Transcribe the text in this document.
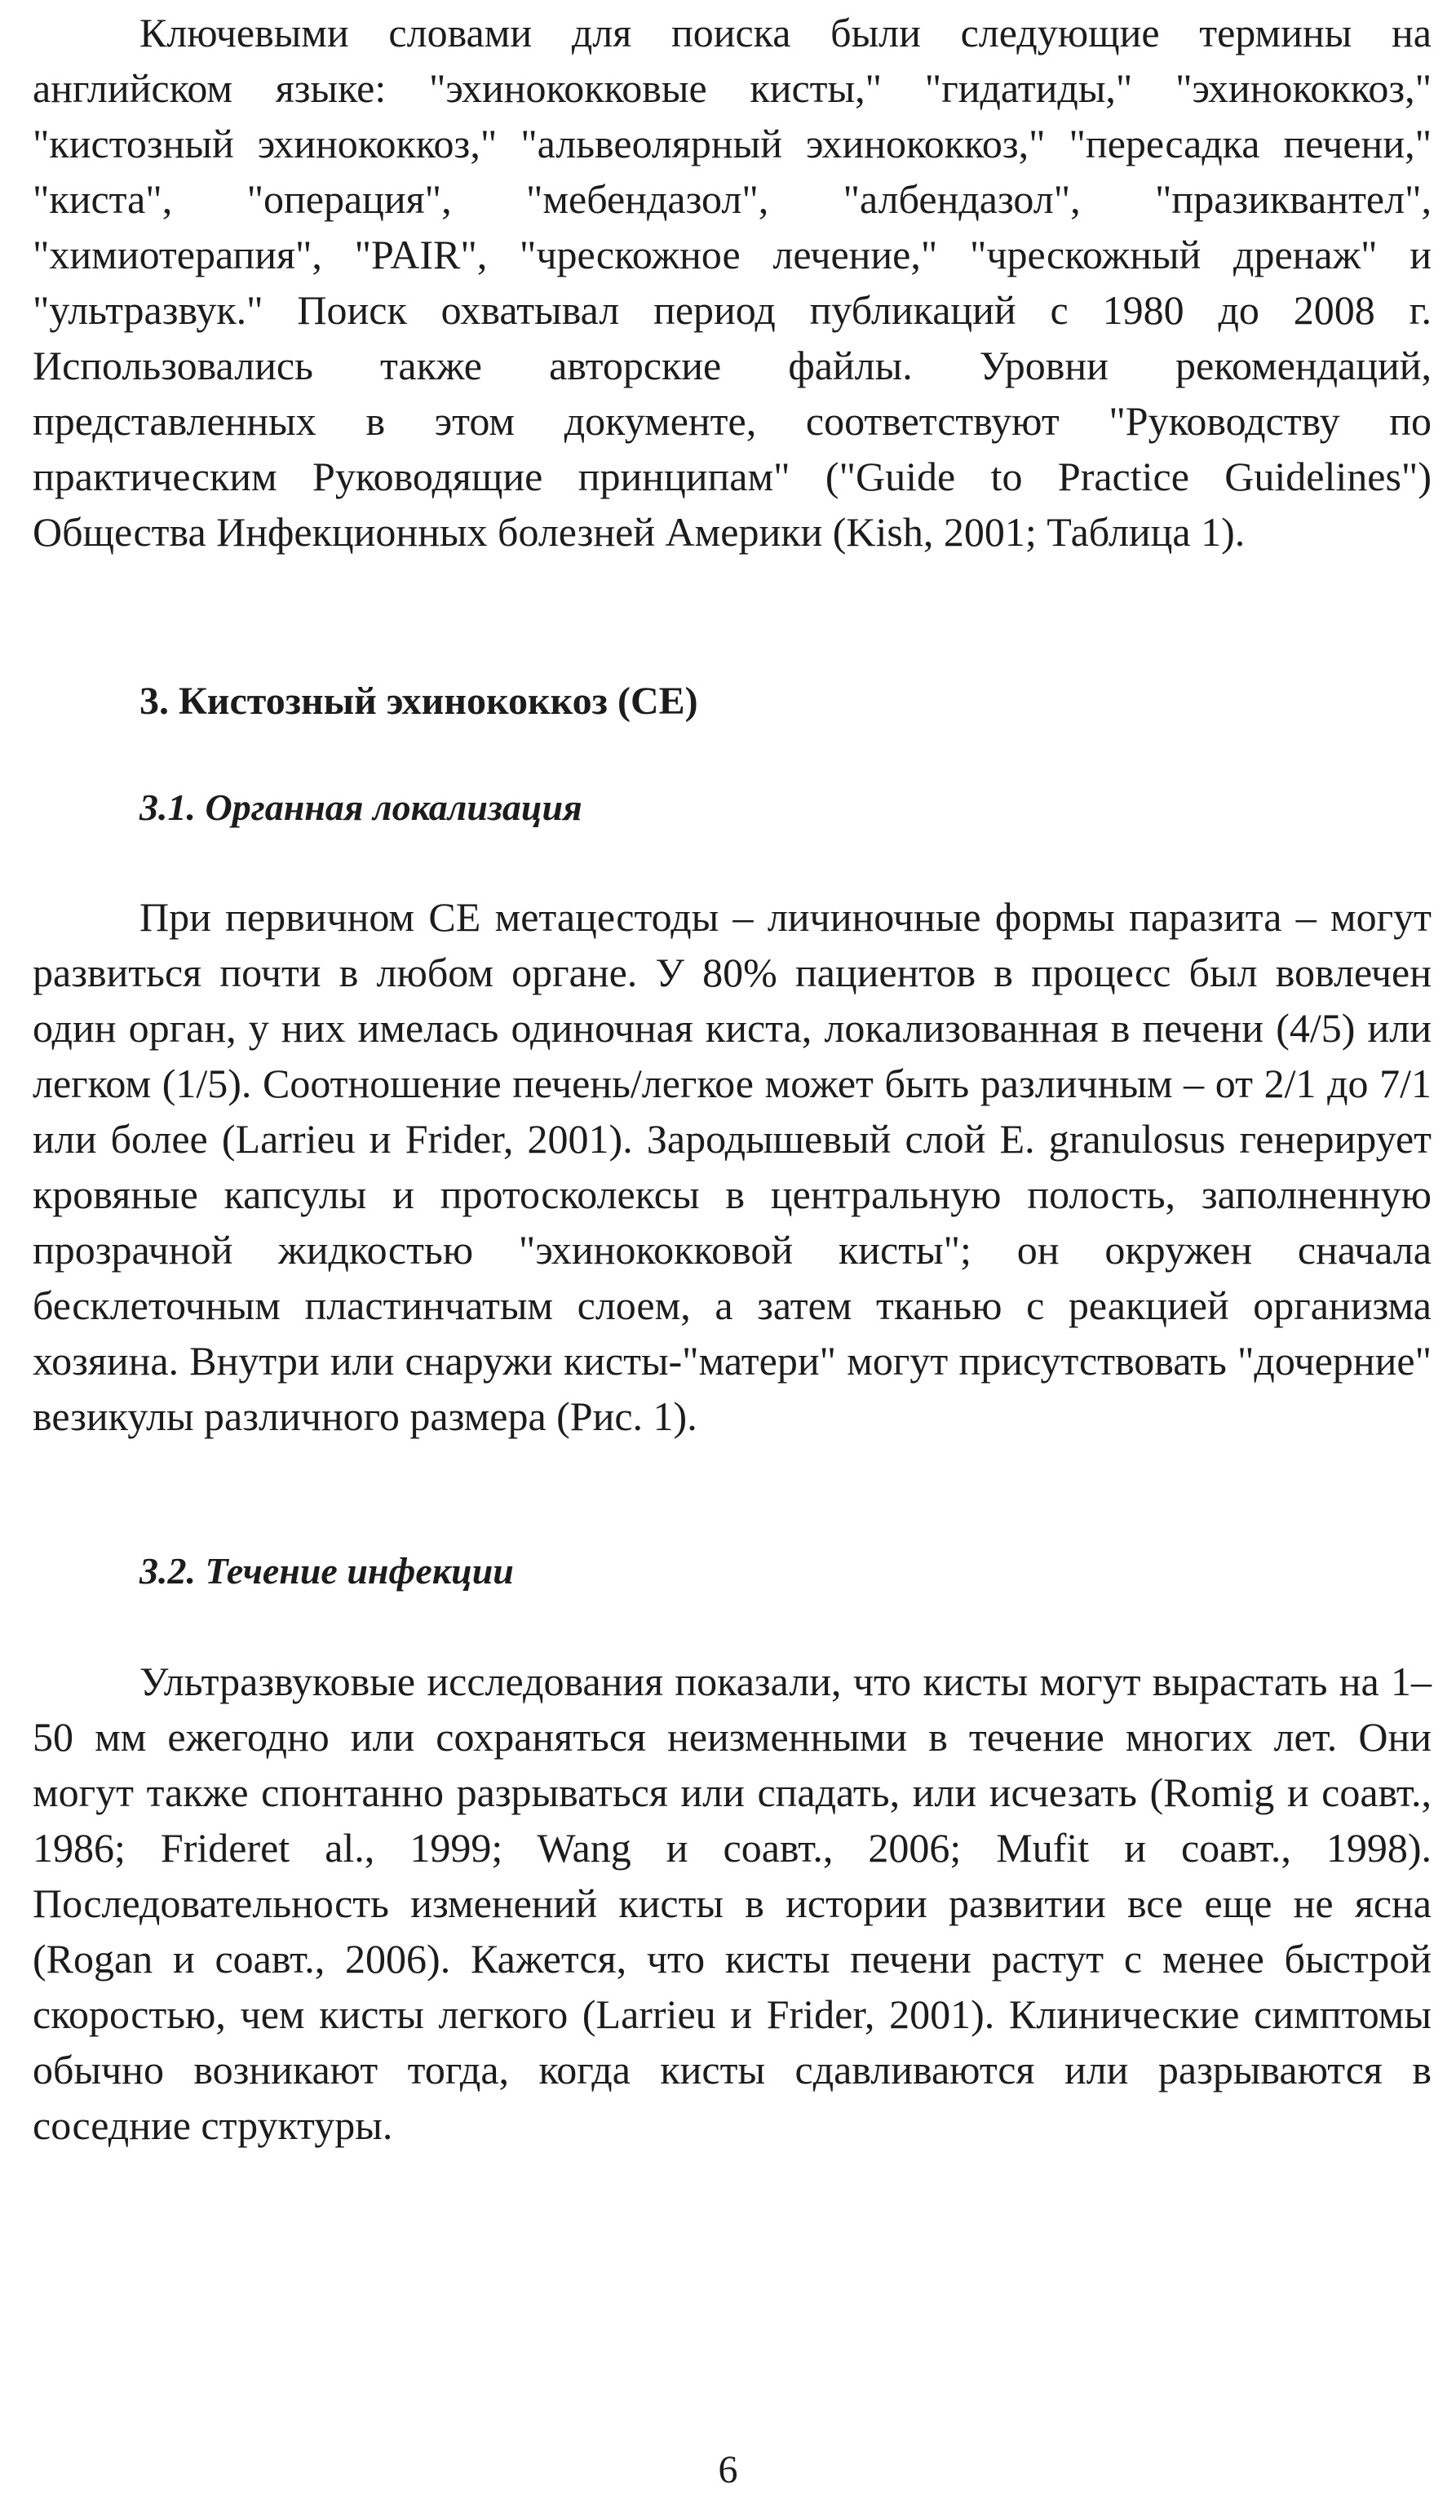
Ключевыми словами для поиска были следующие термины на английском языке: "эхинококковые кисты," "гидатиды," "эхинококкоз," "кистозный эхинококкоз," "альвеолярный эхинококкоз," "пересадка печени," "киста", "операция", "мебендазол", "албендазол", "празиквантел", "химиотерапия", "PAIR", "чрескожное лечение," "чрескожный дренаж" и "ультразвук." Поиск охватывал период публикаций с 1980 до 2008 г. Использовались также авторские файлы. Уровни рекомендаций, представленных в этом документе, соответствуют "Руководству по практическим Руководящие принципам" ("Guide to Practice Guidelines") Общества Инфекционных болезней Америки (Kish, 2001; Таблица 1).

3. Кистозный эхинококкоз (СЕ)
3.1. Органная локализация

При первичном СЕ метацестоды – личиночные формы паразита – могут развиться почти в любом органе. У 80% пациентов в процесс был вовлечен один орган, у них имелась одиночная киста, локализованная в печени (4/5) или легком (1/5). Соотношение печень/легкое может быть различным – от 2/1 до 7/1 или более (Larrieu и Frider, 2001). Зародышевый слой E. granulosus генерирует кровяные капсулы и протосколексы в центральную полость, заполненную прозрачной жидкостью "эхинококковой кисты"; он окружен сначала бесклеточным пластинчатым слоем, а затем тканью с реакцией организма хозяина. Внутри или снаружи кисты-"матери" могут присутствовать "дочерние" везикулы различного размера (Рис. 1).

3.2. Течение инфекции

Ультразвуковые исследования показали, что кисты могут вырастать на 1–50 мм ежегодно или сохраняться неизменными в течение многих лет. Они могут также спонтанно разрываться или спадать, или исчезать (Romig и соавт., 1986; Frideret al., 1999; Wang и соавт., 2006; Mufit и соавт., 1998). Последовательность изменений кисты в истории развитии все еще не ясна (Rogan и соавт., 2006). Кажется, что кисты печени растут с менее быстрой скоростью, чем кисты легкого (Larrieu и Frider, 2001). Клинические симптомы обычно возникают тогда, когда кисты сдавливаются или разрываются в соседние структуры.

6
